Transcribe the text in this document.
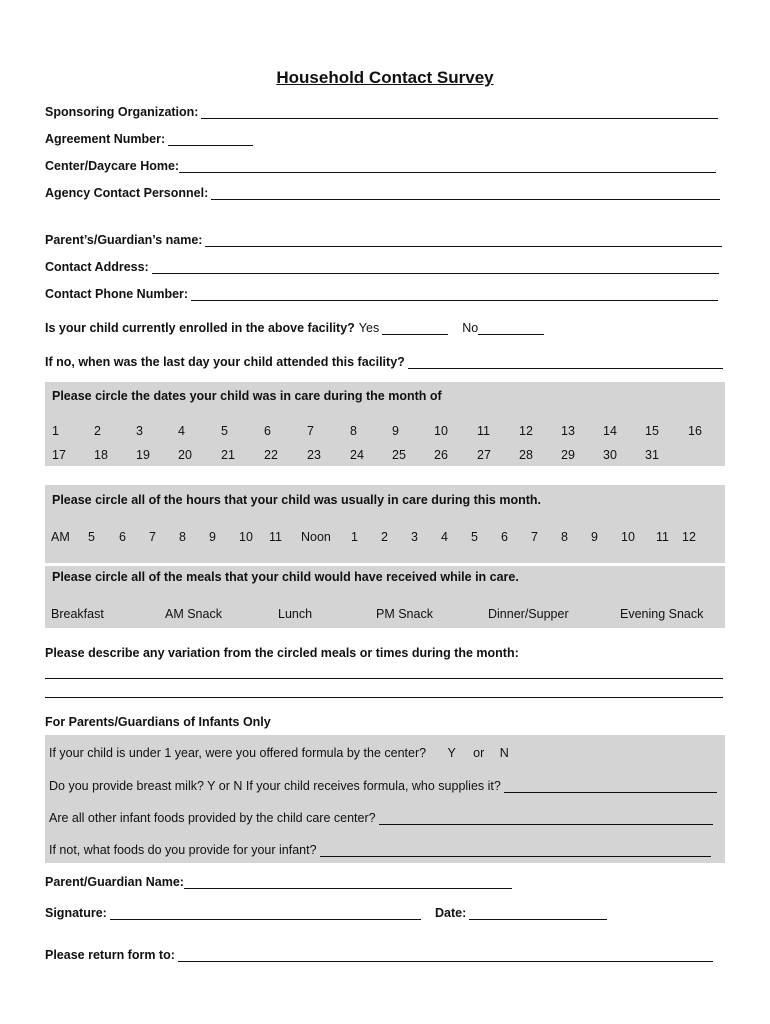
Household Contact Survey
Sponsoring Organization:
Agreement Number:
Center/Daycare Home:
Agency Contact Personnel:
Parent’s/Guardian’s name:
Contact Address:
Contact Phone Number:
Is your child currently enrolled in the above facility? Yes	No
If no, when was the last day your child attended this facility?
Please circle the dates your child was in care during the month of
1	2	3	4	5	6	7	8	9	10 11 12 13 14 15 16
17 18 19 20 21 22 23 24 25 26 27 28 29 30 31
Please circle all of the hours that your child was usually in care during this month.
AM 5 6 7 8 9 10 11 Noon 1 2 3 4 5 6 7 8 9 10 11 12
Please circle all of the meals that your child would have received while in care.
Breakfast	AM Snack	Lunch	PM Snack	Dinner/Supper	Evening Snack
Please describe any variation from the circled meals or times during the month:
For Parents/Guardians of Infants Only
If your child is under 1 year, were you offered formula by the center? Y or N
Do you provide breast milk? Y or N If your child receives formula, who supplies it?
Are all other infant foods provided by the child care center?
If not, what foods do you provide for your infant?
Parent/Guardian Name:
Signature:	Date:
Please return form to:
